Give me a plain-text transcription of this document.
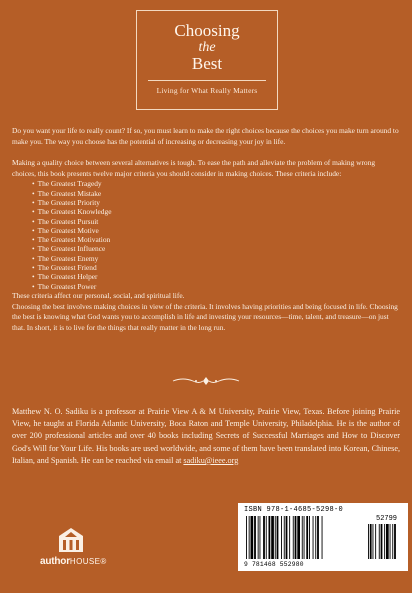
Choosing
the
Best
Living for What Really Matters

Do you want your life to really count? If so, you must learn to make the right choices because the choices you make turn around to make you. The way you choose has the potential of increasing or decreasing your joy in life.

Making a quality choice between several alternatives is tough. To ease the path and alleviate the problem of making wrong choices, this book presents twelve major criteria you should consider in making choices. These criteria include:

• The Greatest Tragedy
• The Greatest Mistake
• The Greatest Priority
• The Greatest Knowledge
• The Greatest Pursuit
• The Greatest Motive
• The Greatest Motivation
• The Greatest Influence
• The Greatest Enemy
• The Greatest Friend
• The Greatest Helper
• The Greatest Power

These criteria affect our personal, social, and spiritual life.

Choosing the best involves making choices in view of the criteria. It involves having priorities and being focused in life. Choosing the best is knowing what God wants you to accomplish in life and investing your resources—time, talent, and treasure—on just that. In short, it is to live for the things that really matter in the long run.

Matthew N. O. Sadiku is a professor at Prairie View A & M University, Prairie View, Texas. Before joining Prairie View, he taught at Florida Atlantic University, Boca Raton and Temple University, Philadelphia. He is the author of over 200 professional articles and over 40 books including Secrets of Successful Marriages and How to Discover God's Will for Your Life. His books are used worldwide, and some of them have been translated into Korean, Chinese, Italian, and Spanish. He can be reached via email at sadiku@ieee.org
authorHOUSE®
ISBN 978-1-4685-5298-0
52799
9 781468 552980
